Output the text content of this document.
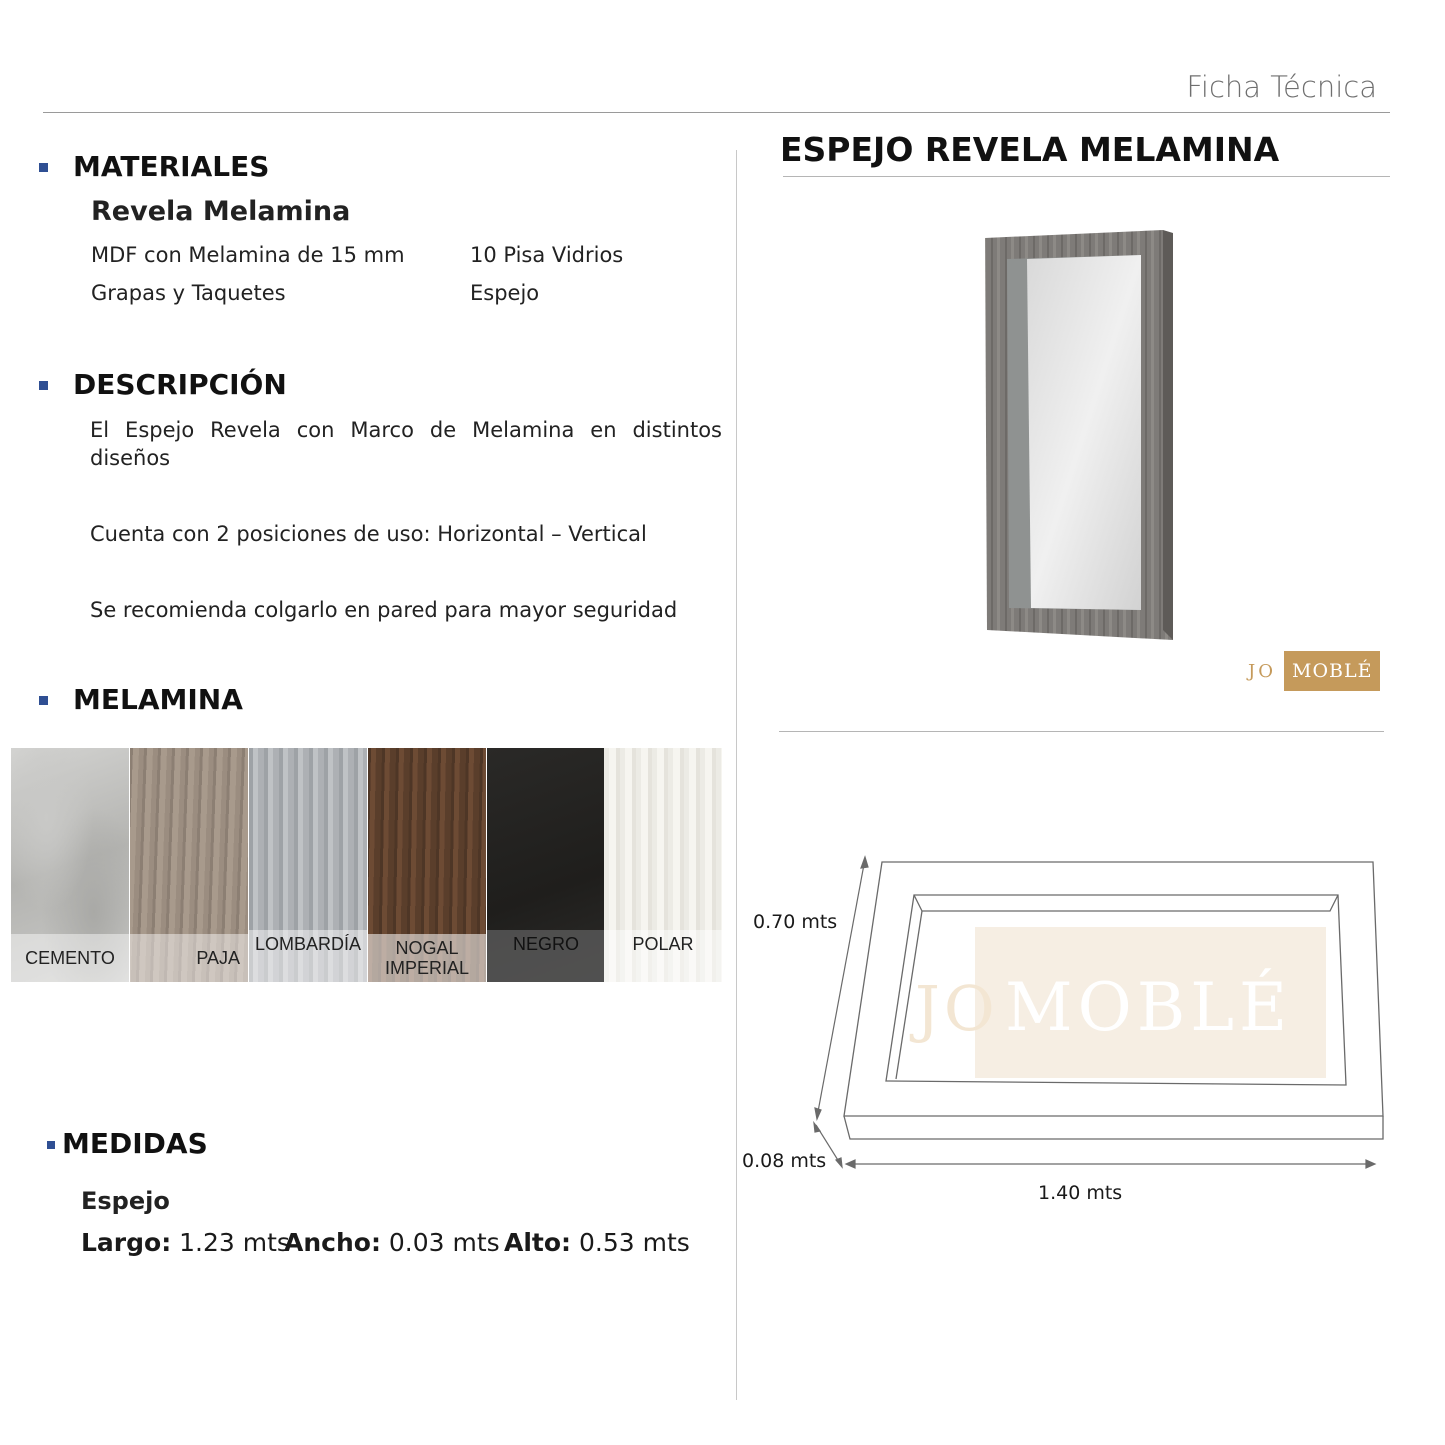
Ficha Técnica
MATERIALES
Revela Melamina
MDF con Melamina de 15 mm	10 Pisa Vidrios
Grapas y Taquetes	Espejo
DESCRIPCIÓN
El Espejo Revela con Marco de Melamina en distintos diseños
Cuenta con 2 posiciones de uso: Horizontal – Vertical
Se recomienda colgarlo en pared para mayor seguridad
MELAMINA
CEMENTO	PAJA
LOMBARDÍA	NOGAL IMPERIAL
NEGRO	POLAR
MEDIDAS
Espejo
Largo: 1.23 mts
Ancho: 0.03 mts Alto: 0.53 mts
ESPEJO REVELA MELAMINA
JO MOBLÉ
JO MOBLÉ
0.70 mts
0.08 mts
1.40 mts
